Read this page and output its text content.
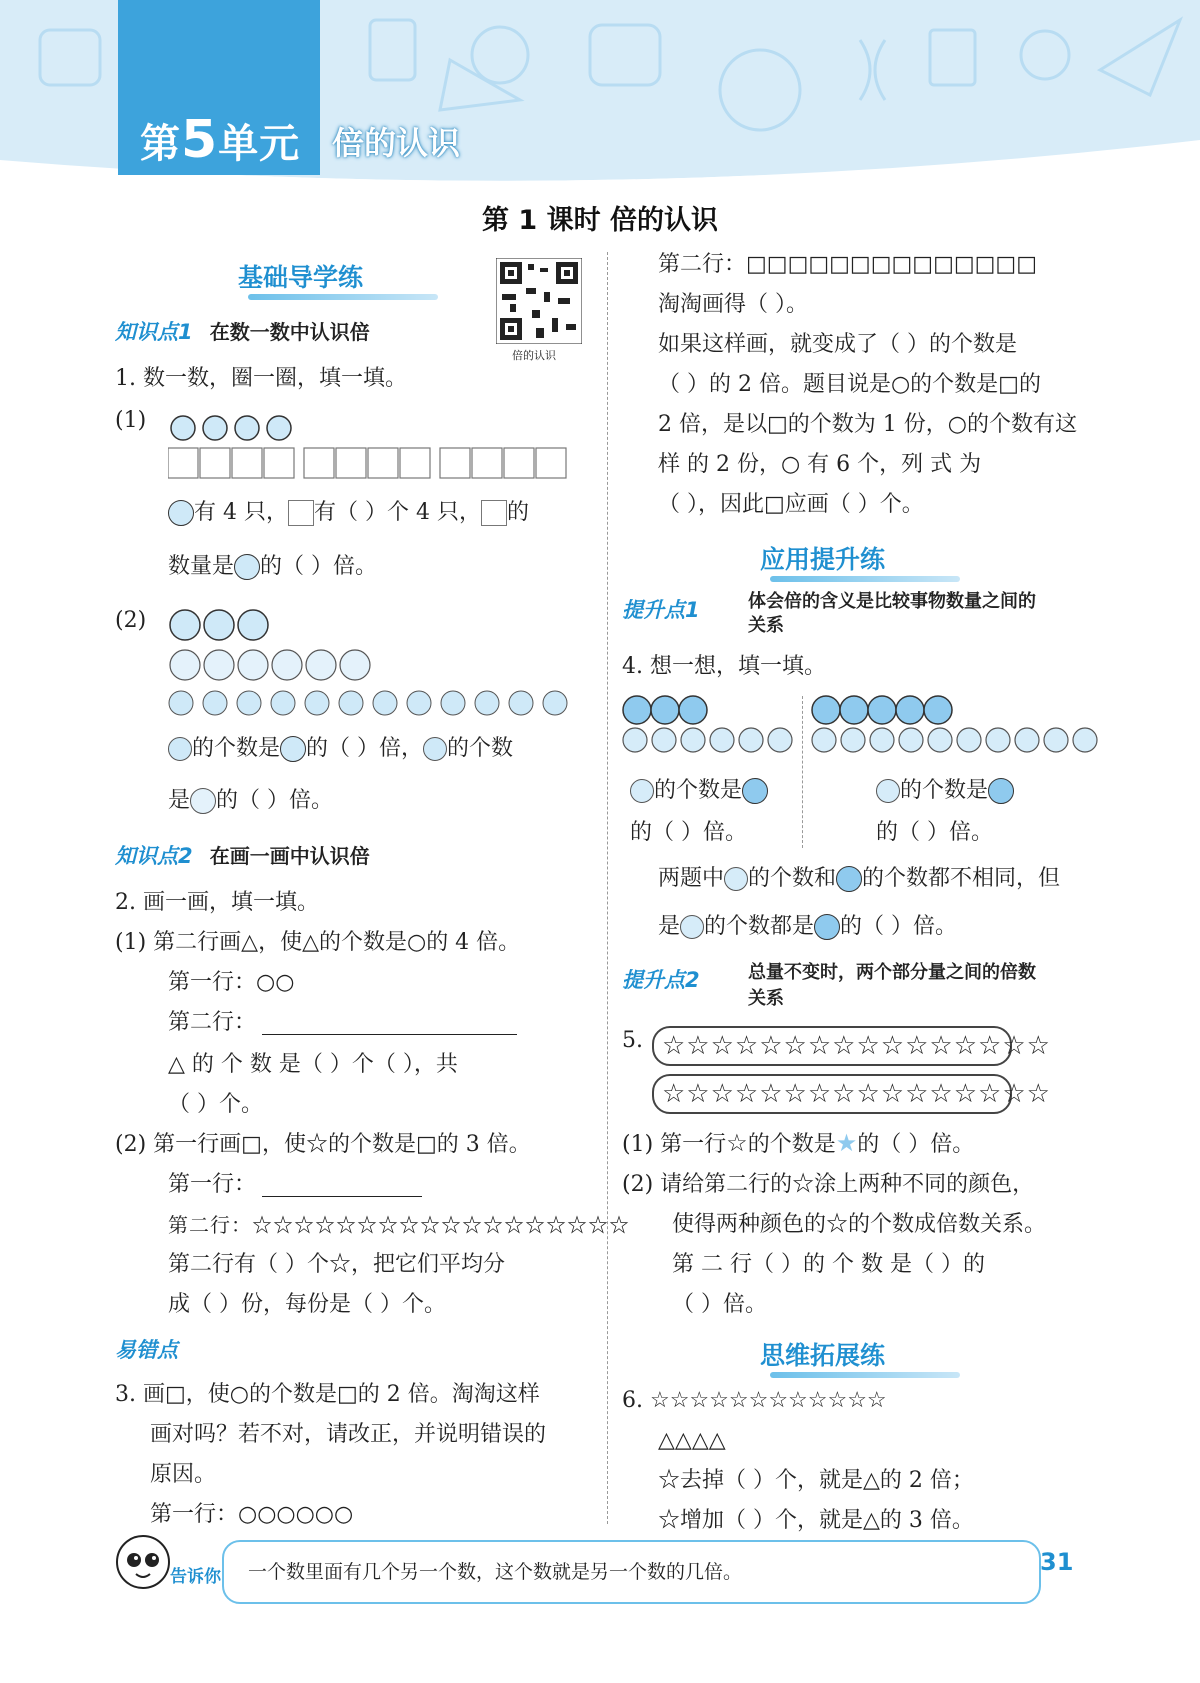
第5单元 倍的认识
第 1 课时 倍的认识
基础导学练
倍的认识
知识点1 在数一数中认识倍
1. 数一数，圈一圈，填一填。
(1)
有 4 只， 有（ ）个 4 只， 的
数量是 的（ ）倍。
(2)
的个数是 的（ ）倍， 的个数
是 的（ ）倍。
知识点2 在画一画中认识倍
2. 画一画，填一填。
(1) 第二行画△，使△的个数是○的 4 倍。
第一行：○○
第二行：
△ 的 个 数 是（ ）个（ ），共
（ ）个。
(2) 第一行画□，使☆的个数是□的 3 倍。
第一行：
第二行：☆☆☆☆☆☆☆☆☆☆☆☆☆☆☆☆☆☆
第二行有（ ）个☆，把它们平均分
成（ ）份，每份是（ ）个。
易错点
3. 画□，使○的个数是□的 2 倍。淘淘这样
画对吗？若不对，请改正，并说明错误的
原因。
第一行：○○○○○○
第二行：□□□□□□□□□□□□□□
淘淘画得（ ）。
如果这样画，就变成了（ ）的个数是
（ ）的 2 倍。题目说是○的个数是□的
2 倍，是以□的个数为 1 份，○的个数有这
样 的 2 份，○ 有 6 个，列 式 为
（ ），因此□应画（ ）个。
应用提升练
提升点1	体会倍的含义是比较事物数量之间的
关系
4. 想一想，填一填。
的个数是
的（ ）倍。
的个数是
的（ ）倍。
两题中 的个数和 的个数都不相同，但
是 的个数都是 的（ ）倍。
提升点2	总量不变时，两个部分量之间的倍数
关系
5. ☆☆☆☆☆☆☆☆☆☆☆☆☆☆☆☆
☆☆☆☆☆☆☆☆☆☆☆☆☆☆☆☆
(1) 第一行☆的个数是★的（ ）倍。
(2) 请给第二行的☆涂上两种不同的颜色，
使得两种颜色的☆的个数成倍数关系。
第 二 行（ ）的 个 数 是（ ）的
（ ）倍。
思维拓展练
6. ☆☆☆☆☆☆☆☆☆☆☆☆
△△△△
☆去掉（ ）个，就是△的 2 倍；
☆增加（ ）个，就是△的 3 倍。
告诉你 一个数里面有几个另一个数，这个数就是另一个数的几倍。	31
